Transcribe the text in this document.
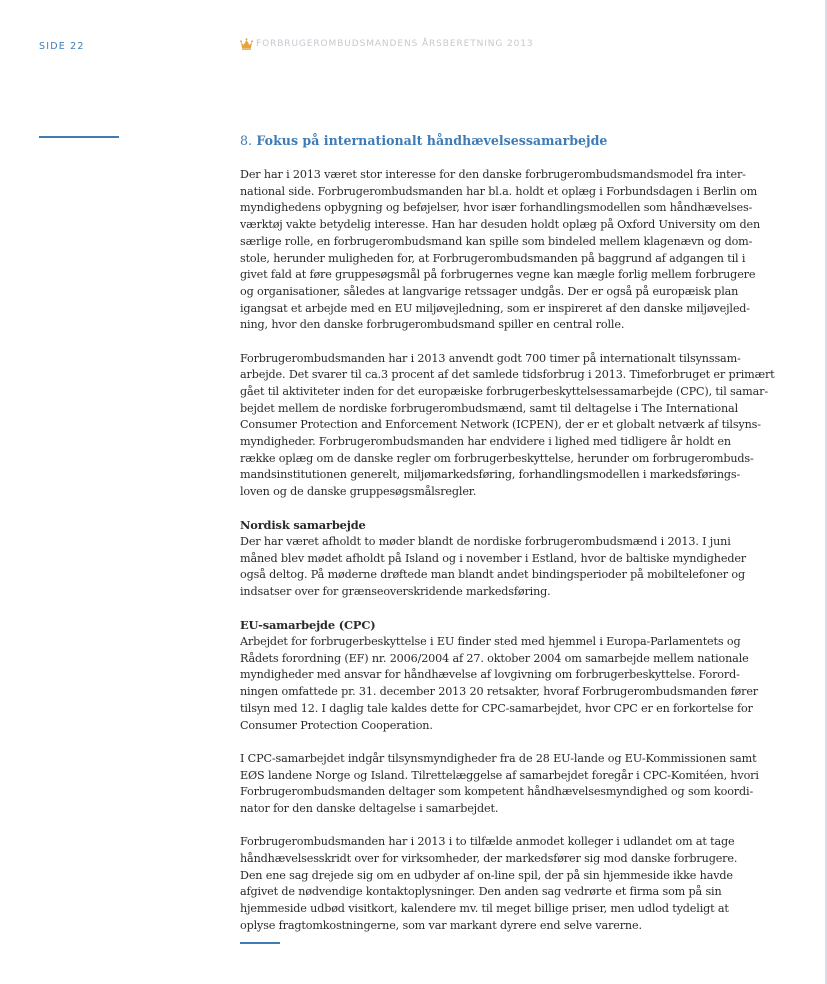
SIDE 22	FORBRUGEROMBUDSMANDENS ÅRSBERETNING 2013
8. Fokus på internationalt håndhævelsessamarbejde

Der har i 2013 været stor interesse for den danske forbrugerombudsmandsmodel fra inter-
national side. Forbrugerombudsmanden har bl.a. holdt et oplæg i Forbundsdagen i Berlin om
myndighedens opbygning og beføjelser, hvor især forhandlingsmodellen som håndhævelses-
værktøj vakte betydelig interesse. Han har desuden holdt oplæg på Oxford University om den
særlige rolle, en forbrugerombudsmand kan spille som bindeled mellem klagenævn og dom-
stole, herunder muligheden for, at Forbrugerombudsmanden på baggrund af adgangen til i
givet fald at føre gruppesøgsmål på forbrugernes vegne kan mægle forlig mellem forbrugere
og organisationer, således at langvarige retssager undgås. Der er også på europæisk plan
igangsat et arbejde med en EU miljøvejledning, som er inspireret af den danske miljøvejled-
ning, hvor den danske forbrugerombudsmand spiller en central rolle.

Forbrugerombudsmanden har i 2013 anvendt godt 700 timer på internationalt tilsynssam-
arbejde. Det svarer til ca.3 procent af det samlede tidsforbrug i 2013. Timeforbruget er primært
gået til aktiviteter inden for det europæiske forbrugerbeskyttelsessamarbejde (CPC), til samar-
bejdet mellem de nordiske forbrugerombudsmænd, samt til deltagelse i The International
Consumer Protection and Enforcement Network (ICPEN), der er et globalt netværk af tilsyns-
myndigheder. Forbrugerombudsmanden har endvidere i lighed med tidligere år holdt en
række oplæg om de danske regler om forbrugerbeskyttelse, herunder om forbrugerombuds-
mandsinstitutionen generelt, miljømarkedsføring, forhandlingsmodellen i markedsførings-
loven og de danske gruppesøgsmålsregler.

Nordisk samarbejde
Der har været afholdt to møder blandt de nordiske forbrugerombudsmænd i 2013. I juni
måned blev mødet afholdt på Island og i november i Estland, hvor de baltiske myndigheder
også deltog. På møderne drøftede man blandt andet bindingsperioder på mobiltelefoner og
indsatser over for grænseoverskridende markedsføring.

EU-samarbejde (CPC)
Arbejdet for forbrugerbeskyttelse i EU finder sted med hjemmel i Europa-Parlamentets og
Rådets forordning (EF) nr. 2006/2004 af 27. oktober 2004 om samarbejde mellem nationale
myndigheder med ansvar for håndhævelse af lovgivning om forbrugerbeskyttelse. Forord-
ningen omfattede pr. 31. december 2013 20 retsakter, hvoraf Forbrugerombudsmanden fører
tilsyn med 12. I daglig tale kaldes dette for CPC-samarbejdet, hvor CPC er en forkortelse for
Consumer Protection Cooperation.

I CPC-samarbejdet indgår tilsynsmyndigheder fra de 28 EU-lande og EU-Kommissionen samt
EØS landene Norge og Island. Tilrettelæggelse af samarbejdet foregår i CPC-Komitéen, hvori
Forbrugerombudsmanden deltager som kompetent håndhævelsesmyndighed og som koordi-
nator for den danske deltagelse i samarbejdet.

Forbrugerombudsmanden har i 2013 i to tilfælde anmodet kolleger i udlandet om at tage
håndhævelsesskridt over for virksomheder, der markedsfører sig mod danske forbrugere.
Den ene sag drejede sig om en udbyder af on-line spil, der på sin hjemmeside ikke havde
afgivet de nødvendige kontaktoplysninger. Den anden sag vedrørte et firma som på sin
hjemmeside udbød visitkort, kalendere mv. til meget billige priser, men udlod tydeligt at
oplyse fragtomkostningerne, som var markant dyrere end selve varerne.
